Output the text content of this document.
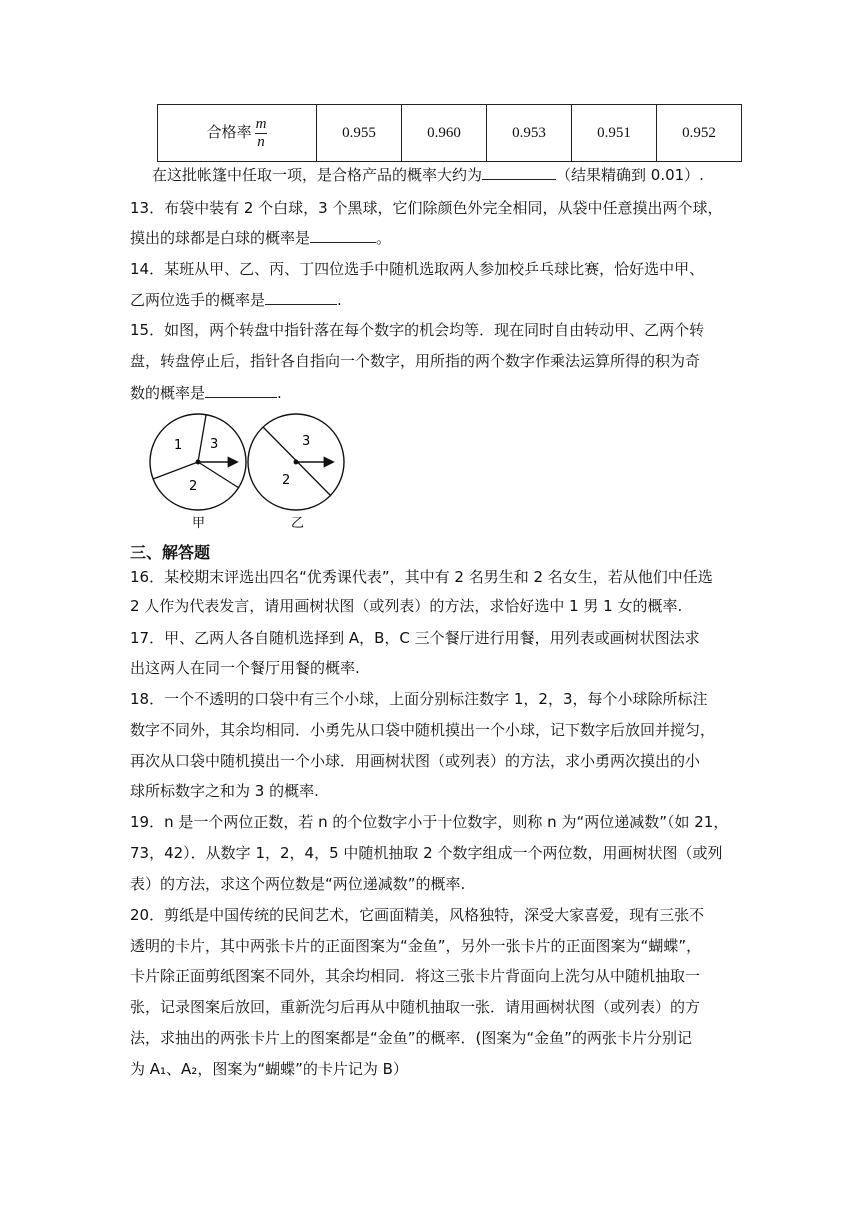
合格率 $\frac{m}{n}$	0.955	0.960	0.953	0.951	0.952
在这批帐篷中任取一项，是合格产品的概率大约为	（结果精确到 0.01）.
13．布袋中装有 2 个白球，3 个黑球，它们除颜色外完全相同，从袋中任意摸出两个球，
摸出的球都是白球的概率是	。
14．某班从甲、乙、丙、丁四位选手中随机选取两人参加校乒乓球比赛，恰好选中甲、
乙两位选手的概率是	.
15．如图，两个转盘中指针落在每个数字的机会均等．现在同时自由转动甲、乙两个转
盘，转盘停止后，指针各自指向一个数字，用所指的两个数字作乘法运算所得的积为奇
数的概率是	.
1 3
2
甲
3
2
乙
三、解答题
16．某校期末评选出四名“优秀课代表”，其中有 2 名男生和 2 名女生，若从他们中任选
2 人作为代表发言，请用画树状图（或列表）的方法，求恰好选中 1 男 1 女的概率.
17．甲、乙两人各自随机选择到 A，B，C 三个餐厅进行用餐，用列表或画树状图法求
出这两人在同一个餐厅用餐的概率.
18．一个不透明的口袋中有三个小球，上面分别标注数字 1，2，3，每个小球除所标注
数字不同外，其余均相同．小勇先从口袋中随机摸出一个小球，记下数字后放回并搅匀，
再次从口袋中随机摸出一个小球．用画树状图（或列表）的方法，求小勇两次摸出的小
球所标数字之和为 3 的概率.
19．n 是一个两位正数，若 n 的个位数字小于十位数字，则称 n 为“两位递减数”（如 21，
73，42）．从数字 1，2，4，5 中随机抽取 2 个数字组成一个两位数，用画树状图（或列
表）的方法，求这个两位数是“两位递减数”的概率.
20．剪纸是中国传统的民间艺术，它画面精美，风格独特，深受大家喜爱，现有三张不
透明的卡片，其中两张卡片的正面图案为“金鱼”，另外一张卡片的正面图案为“蝴蝶”，
卡片除正面剪纸图案不同外，其余均相同．将这三张卡片背面向上洗匀从中随机抽取一
张，记录图案后放回，重新洗匀后再从中随机抽取一张．请用画树状图（或列表）的方
法，求抽出的两张卡片上的图案都是“金鱼”的概率．(图案为“金鱼”的两张卡片分别记
为 A₁、A₂，图案为“蝴蝶”的卡片记为 B）
